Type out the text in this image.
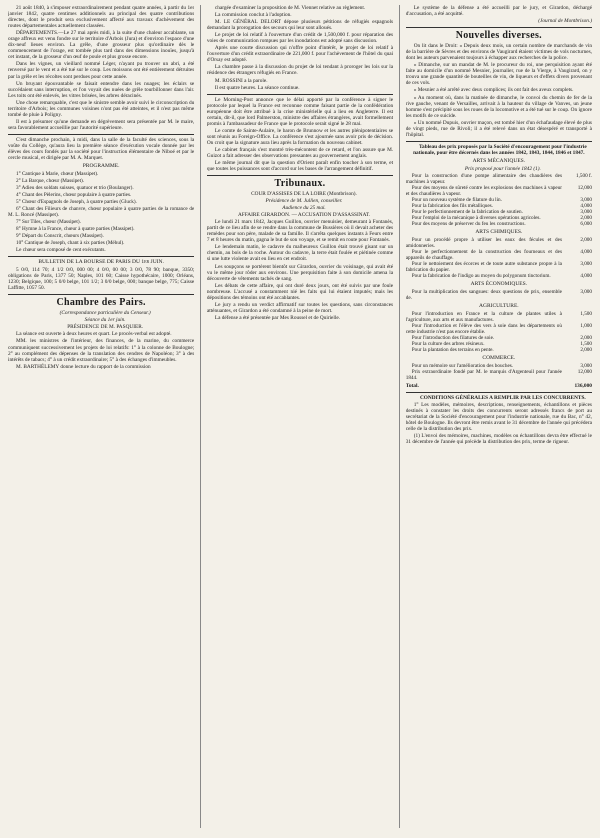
21 août 1840, à s'imposer extraordinairement pendant quatre années, à partir du 1er janvier 1842, quatre centimes additionnels au principal des quatre contributions directes, dont le produit sera exclusivement affecté aux travaux d'achèvement des routes départementales actuellement classées.

DÉPARTEMENTS.—Le 27 mai après midi, à la suite d'une chaleur accablante, un orage affreux est venu fondre sur le territoire d'Arbois (Jura) et d'environ l'espace d'une dix-neuf lieues environ. La grêle, d'une grosseur plus qu'ordinaire dès le commencement de l'orage, est tombée plus tard dans des dimensions inouïes, jusqu'à cet instant, de la grosseur d'un œuf de poule et plus grosse encore.

Dans les vignes, un vieillard nommé Léger, n'ayant pu trouver un abri, a été renversé par le vent et a été tué sur le coup. Les moissons ont été entièrement détruites par la grêle et les récoltes sont perdues pour cette année.

Un bruyant épouvantable se faisait entendre dans les nuages; les éclairs se succédaient sans interruption, et l'on voyait des nuées de grêle tourbillonner dans l'air. Les toits ont été enlevés, les vitres brisées, les arbres déracinés.

Une chose remarquable, c'est que le sinistre semble avoir suivi le circonscription du territoire d'Arbois; les communes voisines n'ont pas été atteintes, et il n'est pas même tombé de pluie à Poligny.

Il est à présumer qu'une demande en dégrèvement sera présentée par M. le maire, sera favorablement accueillie par l'autorité supérieure.

C'est dimanche prochain, à midi, dans la salle de la faculté des sciences, sous la voûte du Collège, qu'aura lieu la première séance d'exécution vocale donnée par les élèves des cours fondés par la société pour l'instruction élémentaire de Niboé et par le cercle musical, et dirigée par M. A. Marquet.

PROGRAMME.

1° Cantique à Marie, chœur (Massipet).

2° La Barque, chœur (Massipet).

3° Adieu des soldats suisses, quatuor et trio (Boulanger).

4° Chant des Pèlerins, chœur populaire à quatre parties.

5° Chœur d'Espagnols de Joseph, à quatre parties (Gluck).

6° Chant des Filieurs de chanvre, chœur populaire à quatre parties de la romance de M. L. Roncé (Massipet).

7° Sur Tiles, chœur (Massipet).

8° Hymne à la France, chœur à quatre parties (Massipet).

9° Départ du Conscrit, chœurs (Massipet).

10° Cantique de Joseph, chant à six parties (Méhul).

Le chœur sera composé de cent exécutants.

BULLETIN DE LA BOURSE DE PARIS DU 1er JUIN.

5 0/0, 114 70; 4 1/2 0/0, 000 00; 4 0/0, 00 00; 3 0/0, 78 90; banque, 3350; obligations de Paris, 1377 50; Naples, 101 60; Caisse hypothécaire, 1000; Orléans, 1230; Belgique, 100; 5 0/0 belge, 101 1/2; 3 0/0 belge, 000; banque belge, 775; Caisse Laffitte, 1057 50.

Chambre des Pairs.

(Correspondance particulière du Censeur.)

Séance du 1er juin.

PRÉSIDENCE DE M. PASQUIER.

La séance est ouverte à deux heures et quart. Le procès-verbal est adopté.

MM. les ministres de l'intérieur, des finances, de la marine, du commerce communiquent successivement les projets de loi relatifs: 1° à la colonne de Boulogne; 2° au complément des dépenses de la translation des cendres de Napoléon; 3° à des intérêts de tabacs; 4° à un crédit extraordinaire; 5° à des échanges d'immeubles.

M. BARTHÉLEMY donne lecture du rapport de la commission

chargée d'examiner la proposition de M. Viennet relative au règlement.

La commission conclut à l'adoption.

M. LE GÉNÉRAL DELORT dépose plusieurs pétitions de réfugiés espagnols demandant la prorogation des secours qui leur sont alloués.

Le projet de loi relatif à l'ouverture d'un crédit de 1,500,000 f. pour réparation des voies de communication rompues par les inondations est adopté sans discussion.

Après une courte discussion qui n'offre point d'intérêt, le projet de loi relatif à l'ouverture d'un crédit extraordinaire de 221,000 f. pour l'achèvement de l'hôtel du quai d'Orsay est adopté.

La chambre passe à la discussion du projet de loi tendant à proroger les lois sur la résidence des étrangers réfugiés en France.

M. ROSSINI a la parole.

Il est quatre heures. La séance continue.

Le Morning-Post annonce que le délai apporté par la conférence à signer le protocole par lequel la France est reconnue comme faisant partie de la confédération européenne doit être attribué à la crise ministérielle qui a lieu en Angleterre. Il est certain, dit-il, que lord Palmerston, ministre des affaires étrangères, avait formellement promis à l'ambassadeur de France que le protocole serait signé le 28 mai.

Le comte de Sainte-Aulaire, le baron de Brunnow et les autres plénipotentiaires se sont réunis au Foreign-Office. La conférence s'est ajournée sans avoir pris de décision. On croit que la signature aura lieu après la formation du nouveau cabinet.

Le cabinet français s'est montré très-mécontent de ce retard, et l'on assure que M. Guizot a fait adresser des observations pressantes au gouvernement anglais.

Le même journal dit que la question d'Orient paraît enfin toucher à son terme, et que toutes les puissances sont d'accord sur les bases de l'arrangement définitif.

Tribunaux.

COUR D'ASSISES DE LA LOIRE (Montbrison).

Présidence de M. Jullien, conseiller.

Audience du 25 mai.

AFFAIRE GIRARDON. — ACCUSATION D'ASSASSINAT.

Le lundi 21 mars 1842, Jacques Guillon, ouvrier menuisier, demeurant à Fontanès, partit de ce lieu afin de se rendre dans la commune de Bussières où il devait acheter des remèdes pour son père, malade de sa famille. Il s'arrêta quelques instants à Feurs entre 7 et 8 heures du matin, gagna le but de son voyage, et se remit en route pour Fontanès.

Le lendemain matin, le cadavre du malheureux Guillon était trouvé gisant sur un chemin, au bois de la roche. Autour du cadavre, la terre était foulée et piétinée comme si une lutte violente avait eu lieu en cet endroit.

Les soupçons se portèrent bientôt sur Girardon, ouvrier du voisinage, qui avait été vu le même jour rôder aux environs. Une perquisition faite à son domicile amena la découverte de vêtements tachés de sang.

Les débats de cette affaire, qui ont duré deux jours, ont été suivis par une foule nombreuse. L'accusé a constamment nié les faits qui lui étaient imputés; mais les dépositions des témoins ont été accablantes.

Le jury a rendu un verdict affirmatif sur toutes les questions, sans circonstances atténuantes, et Girardon a été condamné à la peine de mort.

La défense a été présentée par Mes Roussel et de Quirielle.

Le système de la défense a été accueilli par le jury, et Girardon, déchargé d'accusation, a été acquitté.

(Journal de Montbrison.)

Nouvelles diverses.

On lit dans le Droit: « Depuis deux mois, un certain nombre de marchands de vin de la barrière de Sèvres et des environs de Vaugirard étaient victimes de vols nocturnes, dont les auteurs parvenaient toujours à échapper aux recherches de la police.

« Dimanche, sur un mandat de M. le procureur du roi, une perquisition ayant été faite au domicile d'un nommé Mesnier, journalier, rue de la Vierge, à Vaugirard, on y trouva une grande quantité de bouteilles de vin, de liqueurs et d'effets divers provenant de ces vols.

« Mesnier a été arrêté avec deux complices; ils ont fait des aveux complets.

« Au moment où, dans la matinée de dimanche, le convoi du chemin de fer de la rive gauche, venant de Versailles, arrivait à la hauteur du village de Vanves, un jeune homme s'est précipité sous les roues de la locomotive et a été tué sur le coup. On ignore les motifs de ce suicide.

« Un nommé Dupuis, ouvrier maçon, est tombé hier d'un échafaudage élevé de plus de vingt pieds, rue de Rivoli; il a été relevé dans un état désespéré et transporté à l'hôpital.

Tableau des prix proposés par la Société d'encouragement pour l'industrie nationale, pour être décernés dans les années 1842, 1843, 1844, 1846 et 1847.

ARTS MÉCANIQUES.

Prix proposé pour l'année 1842 (1).

Pour la construction d'une pompe alimentaire des chaudières des machines à vapeur.
1,500 f.
Pour des moyens de sûreté contre les explosions des machines à vapeur et des chaudières à vapeur.
12,000
Pour un nouveau système de filature du lin.	3,000
Pour la fabrication des fils métalliques.	4,000
Pour le perfectionnement de la fabrication de soutien.	3,000
Pour l'emploi de la mécanique à diverses opérations agricoles.	2,000
Pour des moyens de préserver du feu les constructions.	6,000
ARTS CHIMIQUES.
Pour un procédé propre à utiliser les eaux des fécules et des amidonneries.
2,000
Pour le perfectionnement de la construction des fourneaux et des appareils de chauffage.
4,000
Pour le nettoiement des écorces et de toute autre substance propre à la fabrication du papier.
3,000
Pour la fabrication de l'indigo au moyen du polygonum tinctorium.	4,000
ARTS ÉCONOMIQUES.
Pour la multiplication des sangsues: deux questions de prix, ensemble de.
3,000
AGRICULTURE.
Pour l'introduction en France et la culture de plantes utiles à l'agriculture, aux arts et aux manufactures.
1,500
Pour l'introduction et l'élève des vers à soie dans les départements où cette industrie n'est pas encore établie.
1,000
Pour l'introduction des filatures de soie.	2,000
Pour la culture des arbres résineux.	1,500
Pour la plantation des terrains en pente.	2,000
COMMERCE.
Pour un mémoire sur l'amélioration des bouches.	3,000
Prix extraordinaire fondé par M. le marquis d'Argenteuil pour l'année 1844.
12,000
Total.	136,000

CONDITIONS GÉNÉRALES A REMPLIR PAR LES CONCURRENTS.

1° Les modèles, mémoires, descriptions, renseignements, échantillons et pièces destinés à constater les droits des concurrents seront adressés francs de port au secrétariat de la Société d'encouragement pour l'industrie nationale, rue du Bac, n° 42, hôtel de Boulogne. Ils devront être remis avant le 31 décembre de l'année qui précédera celle de la distribution des prix.

(1) L'envoi des mémoires, machines, modèles ou échantillons devra être effectué le 31 décembre de l'année qui précède la distribution des prix, terme de rigueur.
